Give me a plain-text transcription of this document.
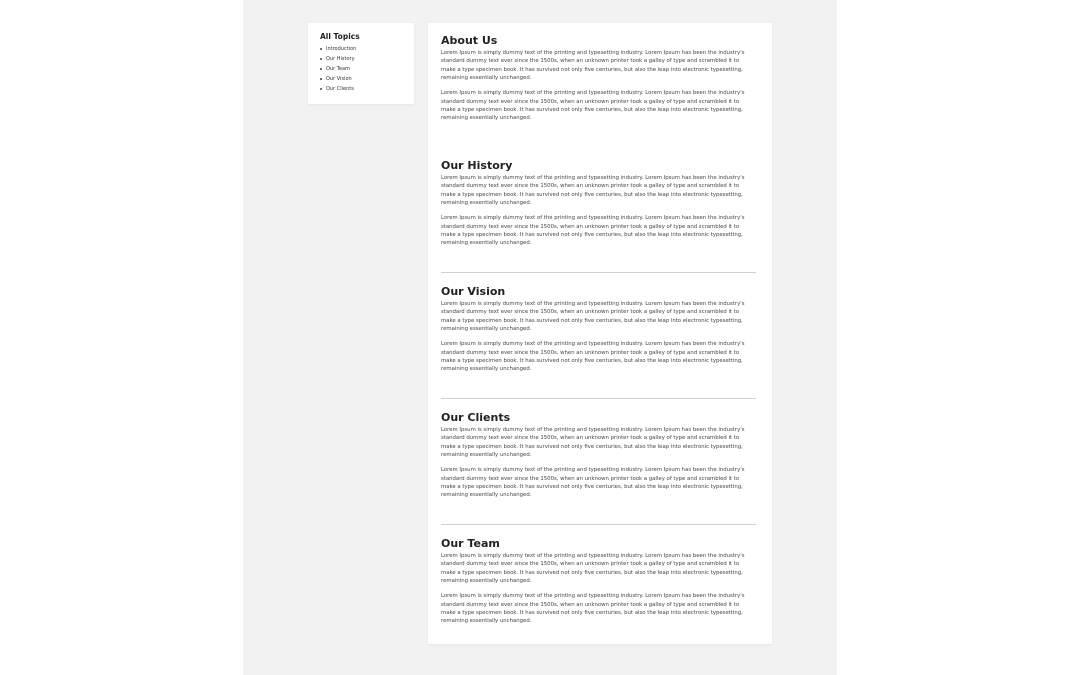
All Topics
Introduction
Our History
Our Team
Our Vision
Our Clients
About Us

Lorem Ipsum is simply dummy text of the printing and typesetting industry. Lorem Ipsum has been the industry's standard dummy text ever since the 1500s, when an unknown printer took a galley of type and scrambled it to make a type specimen book. It has survived not only five centuries, but also the leap into electronic typesetting, remaining essentially unchanged.

Lorem Ipsum is simply dummy text of the printing and typesetting industry. Lorem Ipsum has been the industry's standard dummy text ever since the 1500s, when an unknown printer took a galley of type and scrambled it to make a type specimen book. It has survived not only five centuries, but also the leap into electronic typesetting, remaining essentially unchanged.

Our History

Lorem Ipsum is simply dummy text of the printing and typesetting industry. Lorem Ipsum has been the industry's standard dummy text ever since the 1500s, when an unknown printer took a galley of type and scrambled it to make a type specimen book. It has survived not only five centuries, but also the leap into electronic typesetting, remaining essentially unchanged.

Lorem Ipsum is simply dummy text of the printing and typesetting industry. Lorem Ipsum has been the industry's standard dummy text ever since the 1500s, when an unknown printer took a galley of type and scrambled it to make a type specimen book. It has survived not only five centuries, but also the leap into electronic typesetting, remaining essentially unchanged.

Our Vision

Lorem Ipsum is simply dummy text of the printing and typesetting industry. Lorem Ipsum has been the industry's standard dummy text ever since the 1500s, when an unknown printer took a galley of type and scrambled it to make a type specimen book. It has survived not only five centuries, but also the leap into electronic typesetting, remaining essentially unchanged.

Lorem Ipsum is simply dummy text of the printing and typesetting industry. Lorem Ipsum has been the industry's standard dummy text ever since the 1500s, when an unknown printer took a galley of type and scrambled it to make a type specimen book. It has survived not only five centuries, but also the leap into electronic typesetting, remaining essentially unchanged.

Our Clients

Lorem Ipsum is simply dummy text of the printing and typesetting industry. Lorem Ipsum has been the industry's standard dummy text ever since the 1500s, when an unknown printer took a galley of type and scrambled it to make a type specimen book. It has survived not only five centuries, but also the leap into electronic typesetting, remaining essentially unchanged.

Lorem Ipsum is simply dummy text of the printing and typesetting industry. Lorem Ipsum has been the industry's standard dummy text ever since the 1500s, when an unknown printer took a galley of type and scrambled it to make a type specimen book. It has survived not only five centuries, but also the leap into electronic typesetting, remaining essentially unchanged.

Our Team

Lorem Ipsum is simply dummy text of the printing and typesetting industry. Lorem Ipsum has been the industry's standard dummy text ever since the 1500s, when an unknown printer took a galley of type and scrambled it to make a type specimen book. It has survived not only five centuries, but also the leap into electronic typesetting, remaining essentially unchanged.

Lorem Ipsum is simply dummy text of the printing and typesetting industry. Lorem Ipsum has been the industry's standard dummy text ever since the 1500s, when an unknown printer took a galley of type and scrambled it to make a type specimen book. It has survived not only five centuries, but also the leap into electronic typesetting, remaining essentially unchanged.
